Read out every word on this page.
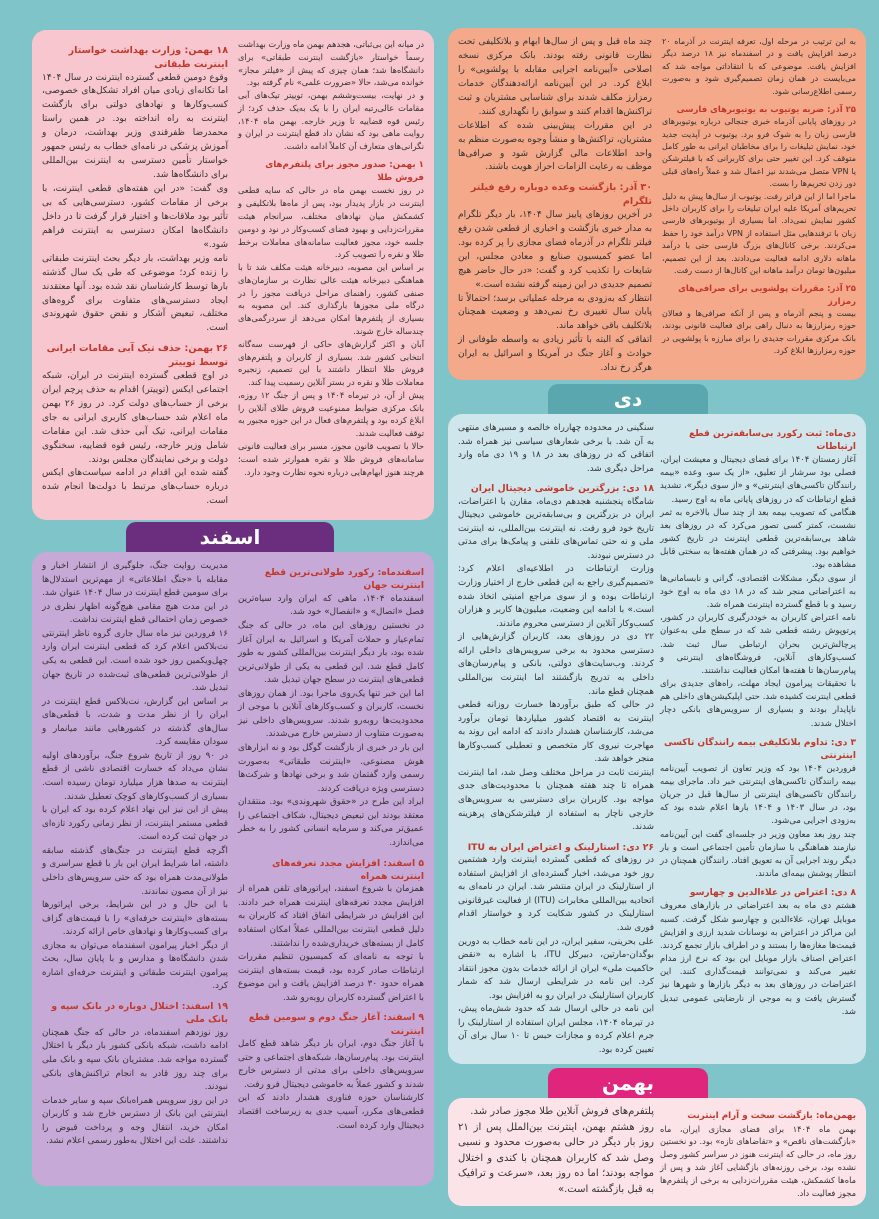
به این ترتیب در مرحله اول، تعرفه اینترنت در آذرماه ۲۰ درصد افزایش یافت و در اسفندماه نیز ۱۸ درصد دیگر افزایش یافت. موضوعی که با انتقاداتی مواجه شد که می‌بایست در همان زمان تصمیم‌گیری شود و به‌صورت رسمی اطلاع‌رسانی شود.

۲۵ آذر: ضربه یوتیوب به یوتیوبرهای فارسی

در روزهای پایانی آذرماه خبری جنجالی درباره یوتیوبرهای فارسی زبان را به شوک فرو برد. یوتیوب در آپدیت جدید خود، نمایش تبلیغات را برای مخاطبان ایرانی به طور کامل متوقف کرد. این تغییر حتی برای کاربرانی که با فیلترشکن یا VPN متصل می‌شدند نیز اعمال شد و عملاً راه‌های قبلی دور زدن تحریم‌ها را بست.

ماجرا اما از این فراتر رفت. یوتیوب از سال‌ها پیش به دلیل تحریم‌های آمریکا علیه ایران تبلیغات را برای کاربران داخل کشور نمایش نمی‌داد. اما بسیاری از یوتیوبرهای فارسی زبان با ترفندهایی مثل استفاده از VPN درآمد خود را حفظ می‌کردند. برخی کانال‌های بزرگ فارسی حتی با درآمد ماهانه دلاری ادامه فعالیت می‌دادند. بعد از این تصمیم، میلیون‌ها تومان درآمد ماهانه این کانال‌ها از دست رفت.

۲۵ آذر: مقررات پولشویی برای صرافی‌های رمزارز

بیست و پنجم آذرماه و پس از آنکه صرافی‌ها و فعالان حوزه رمزارزها به دنبال راهی برای فعالیت قانونی بودند، بانک مرکزی مقررات جدیدی را برای مبارزه با پولشویی در حوزه رمزارزها ابلاغ کرد.

چند ماه قبل و پس از سال‌ها ابهام و بلاتکلیفی تحت نظارت قانونی رفته بودند. بانک مرکزی نسخه اصلاحی «آیین‌نامه اجرایی مقابله با پولشویی» را ابلاغ کرد. در این آیین‌نامه ارائه‌دهندگان خدمات رمزارز مکلف شدند برای شناسایی مشتریان و ثبت تراکنش‌ها اقدام کنند و سوابق را نگهداری کنند.

در این مقررات پیش‌بینی شده که اطلاعات مشتریان، تراکنش‌ها و منشأ وجوه به‌صورت منظم به واحد اطلاعات مالی گزارش شود و صرافی‌ها موظف به رعایت الزامات احراز هویت باشند.

۳۰ آذر: بازگشت وعده دوباره رفع فیلتر تلگرام

در آخرین روزهای پاییز سال ۱۴۰۴، بار دیگر تلگرام به مدار خبری بازگشت و اخباری از قطعی شدن رفع فیلتر تلگرام در آذرماه فضای مجازی را پر کرده بود. اما عضو کمیسیون صنایع و معادن مجلس، این شایعات را تکذیب کرد و گفت: «در حال حاضر هیچ تصمیم جدیدی در این زمینه گرفته نشده است.»

انتظار که به‌زودی به مرحله عملیاتی برسد؛ احتمالاً تا پایان سال تغییری رخ نمی‌دهد و وضعیت همچنان بلاتکلیف باقی خواهد ماند.

اتفاقی که البته با تأثیر زیادی به واسطه طوفانی از حوادث و آغاز جنگ در آمریکا و اسرائیل به ایران هرگز رخ نداد.

در میانه این بی‌ثباتی، هجدهم بهمن ماه وزارت بهداشت رسماً خواستار «بازگشت اینترنت طبقاتی» برای دانشگاه‌ها شد؛ همان چیزی که پیش از «فیلتر مجاز» خوانده می‌شد، حالا «ضرورت علمی» نام گرفته بود.

و در نهایت، بیست‌وششم بهمن، توییتر تیک‌های آبی مقامات عالی‌رتبه ایران را با یک به‌یک حذف کرد؛ از رئیس قوه قضاییه تا وزیر خارجه. بهمن ماه ۱۴۰۴، روایت ماهی بود که نشان داد قطع اینترنت در ایران و نگرانی‌های متعارف آن کاملاً ادامه داشت.

۱ بهمن: صدور مجوز برای پلتفرم‌های فروش طلا

در روز نخست بهمن ماه در حالی که سایه قطعی اینترنت در بازار پدیدار بود، پس از ماه‌ها بلاتکلیفی و کشمکش میان نهادهای مختلف، سرانجام هیئت مقررات‌زدایی و بهبود فضای کسب‌وکار در نود و دومین جلسه خود، مجوز فعالیت سامانه‌های معاملات برخط طلا و نقره را تصویب کرد.

بر اساس این مصوبه، دبیرخانه هیئت مکلف شد تا با هماهنگی دبیرخانه هیئت عالی نظارت بر سازمان‌های صنفی کشور، راهنمای مراحل دریافت مجوز را در درگاه ملی مجوزها بارگذاری کند. این مصوبه به بسیاری از پلتفرم‌ها امکان می‌دهد از سردرگمی‌های چندساله خارج شوند.

آبان و اکثر گزارش‌های حاکی از فهرست سه‌گانه انتخابی کشور شد. بسیاری از کاربران و پلتفرم‌های فروش طلا انتظار داشتند با این تصمیم، زنجیره معاملات طلا و نقره در بستر آنلاین رسمیت پیدا کند.

پیش از آن، در تیرماه ۱۴۰۴ و پس از جنگ ۱۲ روزه، بانک مرکزی ضوابط ممنوعیت فروش طلای آنلاین را ابلاغ کرده بود و پلتفرم‌های فعال در این حوزه مجبور به توقف فعالیت شدند.

حالا با تصویب قانون مجوز، مسیر برای فعالیت قانونی سامانه‌های فروش طلا و نقره هموارتر شده است؛ هرچند هنوز ابهام‌هایی درباره نحوه نظارت وجود دارد.

۱۸ بهمن: وزارت بهداشت خواستار اینترنت طبقاتی

وقوع دومین قطعی گسترده اینترنت در سال ۱۴۰۴ اما تکانه‌ای زیادی میان افراد تشکل‌های خصوصی، کسب‌وکارها و نهادهای دولتی برای بازگشت اینترنت به راه انداخته بود. در همین راستا محمدرضا ظفرقندی وزیر بهداشت، درمان و آموزش پزشکی در نامه‌ای خطاب به رئیس جمهور خواستار تأمین دسترسی به اینترنت بین‌المللی برای دانشگاه‌ها شد.

وی گفت: «در این هفته‌های قطعی اینترنت، با برخی از مقامات کشور، دسترسی‌هایی که بی تأثیر بود ملاقات‌ها و اختیار قرار گرفت تا در داخل دانشگاه‌ها امکان دسترسی به اینترنت فراهم شود.»

نامه وزیر بهداشت، بار دیگر بحث اینترنت طبقاتی را زنده کرد؛ موضوعی که طی یک سال گذشته بارها توسط کارشناسان نقد شده بود. آنها معتقدند ایجاد دسترسی‌های متفاوت برای گروه‌های مختلف، تبعیض آشکار و نقض حقوق شهروندی است.

۲۶ بهمن: حذف تیک آبی مقامات ایرانی توسط توییتر

در اوج قطعی گسترده اینترنت در ایران، شبکه اجتماعی ایکس (توییتر) اقدام به حذف پرچم ایران برخی از حساب‌های دولت کرد. در روز ۲۶ بهمن ماه اعلام شد حساب‌های کاربری ایرانی به جای مقامات ایرانی، تیک آبی حذف شد. این مقامات شامل وزیر خارجه، رئیس قوه قضاییه، سخنگوی دولت و برخی نمایندگان مجلس بودند.

گفته شده این اقدام در ادامه سیاست‌های ایکس درباره حساب‌های مرتبط با دولت‌ها انجام شده است.

دی

دی‌ماه: ثبت رکورد بی‌سابقه‌ترین قطع ارتباطات

آغاز زمستان ۱۴۰۴ برای فضای دیجیتال و معیشت ایران، فصلی بود سرشار از تعلیق، «از یک سو، وعده «بیمه رانندگان تاکسی‌های اینترنتی» و «از سوی دیگر»، تشدید قطع ارتباطات که در روزهای پایانی ماه به اوج رسید.

هنگامی که تصویب بیمه بعد از چند سال بالاخره به ثمر نشست، کمتر کسی تصور می‌کرد که در روزهای بعد شاهد بی‌سابقه‌ترین قطعی اینترنت در تاریخ کشور خواهیم بود. پیشرفتی که در همان هفته‌ها به سختی قابل مشاهده بود.

از سوی دیگر، مشکلات اقتصادی، گرانی و نابسامانی‌ها به اعتراضاتی منجر شد که در ۱۸ دی ماه به اوج خود رسید و با قطع گسترده اینترنت همراه شد.

نامه اعتراض کاربران به خوددرگیری کاربران در کشور، پرتوپوش رشته قطعی شد که در سطح ملی به‌عنوان پرچالش‌ترین بحران ارتباطی سال ثبت شد. کسب‌وکارهای آنلاین، فروشگاه‌های اینترنتی و پیام‌رسان‌ها تا هفته‌ها امکان فعالیت نداشتند.

با تحقیقات پیرامون ایجاد مهلت، راه‌های جدیدی برای قطعی اینترنت کشیده شد. حتی اپلیکیشن‌های داخلی هم ناپایدار بودند و بسیاری از سرویس‌های بانکی دچار اختلال شدند.

۳ دی: تداوم بلاتکلیفی بیمه رانندگان تاکسی اینترنتی

فروردین ۱۴۰۴ بود که وزیر تعاون از تصویب آیین‌نامه بیمه رانندگان تاکسی‌های اینترنتی خبر داد. ماجرای بیمه رانندگان تاکسی‌های اینترنتی از سال‌ها قبل در جریان بود، در سال ۱۴۰۳ و ۱۴۰۴ بارها اعلام شده بود که به‌زودی اجرایی می‌شود.

چند روز بعد معاون وزیر در جلسه‌ای گفت این آیین‌نامه نیازمند هماهنگی با سازمان تأمین اجتماعی است و بار دیگر روند اجرایی آن به تعویق افتاد. رانندگان همچنان در انتظار پوشش بیمه‌ای ماندند.

۸ دی: اعتراض در علاءالدین و چهارسو

هشتم دی ماه به بعد اعتراضاتی در بازارهای معروف موبایل تهران، علاءالدین و چهارسو شکل گرفت. کسبه این مراکز در اعتراض به نوسانات شدید ارزی و افزایش قیمت‌ها مغازه‌ها را بستند و در اطراف بازار تجمع کردند.

اعتراض اصناف بازار موبایل این بود که نرخ ارز مدام تغییر می‌کند و نمی‌توانند قیمت‌گذاری کنند. این اعتراضات در روزهای بعد به دیگر بازارها و شهرها نیز گسترش یافت و به موجی از نارضایتی عمومی تبدیل شد.

سنگینی در محدوده چهارراه خالصه و مسیرهای منتهی به آن شد. با برخی شعارهای سیاسی نیز همراه شد. اتفاقی که در روزهای بعد در ۱۸ و ۱۹ دی ماه وارد مراحل دیگری شد.

۱۸ دی: بزرگترین خاموشی دیجیتال ایران

شامگاه پنجشنبه هجدهم دی‌ماه، مقارن با اعتراضات، ایران در بزرگترین و بی‌سابقه‌ترین خاموشی دیجیتال تاریخ خود فرو رفت. نه اینترنت بین‌المللی، نه اینترنت ملی و نه حتی تماس‌های تلفنی و پیامک‌ها برای مدتی در دسترس نبودند.

وزارت ارتباطات در اطلاعیه‌ای اعلام کرد: «تصمیم‌گیری راجع به این قطعی خارج از اختیار وزارت ارتباطات بوده و از سوی مراجع امنیتی اتخاذ شده است.» با ادامه این وضعیت، میلیون‌ها کاربر و هزاران کسب‌وکار آنلاین از دسترسی محروم ماندند.

۲۲ دی در روزهای بعد، کاربران گزارش‌هایی از دسترسی محدود به برخی سرویس‌های داخلی ارائه کردند. وب‌سایت‌های دولتی، بانکی و پیام‌رسان‌های داخلی به تدریج بازگشتند اما اینترنت بین‌المللی همچنان قطع ماند.

در حالی که طبق برآوردها خسارت روزانه قطعی اینترنت به اقتصاد کشور میلیاردها تومان برآورد می‌شد، کارشناسان هشدار دادند که ادامه این روند به مهاجرت نیروی کار متخصص و تعطیلی کسب‌وکارها منجر خواهد شد.

اینترنت ثابت در مراحل مختلف وصل شد، اما اینترنت همراه تا چند هفته همچنان با محدودیت‌های جدی مواجه بود. کاربران برای دسترسی به سرویس‌های خارجی ناچار به استفاده از فیلترشکن‌های پرهزینه شدند.

۲۶ دی: استارلینک و اعتراض ایران به ITU

در روزهای که قطعی گسترده اینترنت وارد هشتمین روز خود می‌شد، اخبار گسترده‌ای از افزایش استفاده از استارلینک در ایران منتشر شد. ایران در نامه‌ای به اتحادیه بین‌المللی مخابرات (ITU) از فعالیت غیرقانونی استارلینک در کشور شکایت کرد و خواستار اقدام فوری شد.

علی بحرینی، سفیر ایران، در این نامه خطاب به دورین بوگدان-مارتین، دبیرکل ITU، با اشاره به «نقض حاکمیت ملی» ایران از ارائه خدمات بدون مجوز انتقاد کرد. این نامه در شرایطی ارسال شد که شمار کاربران استارلینک در ایران رو به افزایش بود.

این نامه در حالی ارسال شد که حدود شش‌ماه پیش، در تیرماه ۱۴۰۴، مجلس ایران استفاده از استارلینک را جرم اعلام کرده و مجازات حبس تا ۱۰ سال برای آن تعیین کرده بود.

اسفند

اسفندماه: رکورد طولانی‌ترین قطع اینترنت جهان

اسفندماه ۱۴۰۴، ماهی که ایران وارد سیاه‌ترین فصل «اتصال» و «انفصال» خود شد.

در نخستین روزهای این ماه، در حالی که جنگ تمام‌عیار و حملات آمریکا و اسرائیل به ایران آغاز شده بود، بار دیگر اینترنت بین‌المللی کشور به طور کامل قطع شد. این قطعی به یکی از طولانی‌ترین قطعی‌های اینترنت در سطح جهان تبدیل شد.

اما این خبر تنها یک‌روی ماجرا بود. از همان روزهای نخست، کاربران و کسب‌وکارهای آنلاین با موجی از محدودیت‌ها روبه‌رو شدند. سرویس‌های داخلی نیز به‌صورت متناوب از دسترس خارج می‌شدند.

این بار در خبری از بازگشت گوگل بود و نه ابزارهای هوش مصنوعی. «اینترنت طبقاتی» به‌صورت رسمی وارد گفتمان شد و برخی نهادها و شرکت‌ها دسترسی ویژه دریافت کردند.

ایراد این طرح در «حقوق شهروندی» بود. منتقدان معتقد بودند این تبعیض دیجیتال، شکاف اجتماعی را عمیق‌تر می‌کند و سرمایه انسانی کشور را به خطر می‌اندازد.

۵ اسفند: افزایش مجدد تعرفه‌های اینترنت همراه

همزمان با شروع اسفند، اپراتورهای تلفن همراه از افزایش مجدد تعرفه‌های اینترنت همراه خبر دادند. این افزایش در شرایطی اتفاق افتاد که کاربران به دلیل قطعی اینترنت بین‌المللی عملاً امکان استفاده کامل از بسته‌های خریداری‌شده را نداشتند.

با توجه به نامه‌ای که کمیسیون تنظیم مقررات ارتباطات صادر کرده بود، قیمت بسته‌های اینترنت همراه حدود ۳۰ درصد افزایش یافت و این موضوع با اعتراض گسترده کاربران روبه‌رو شد.

۹ اسفند: آغاز جنگ دوم و سومین قطع اینترنت

با آغاز جنگ دوم، ایران بار دیگر شاهد قطع کامل اینترنت بود. پیام‌رسان‌ها، شبکه‌های اجتماعی و حتی سرویس‌های داخلی برای مدتی از دسترس خارج شدند و کشور عملاً به خاموشی دیجیتال فرو رفت.

کارشناسان حوزه فناوری هشدار دادند که این قطعی‌های مکرر، آسیب جدی به زیرساخت اقتصاد دیجیتال وارد کرده است.

مدیریت روایت جنگ، جلوگیری از انتشار اخبار و مقابله با «جنگ اطلاعاتی» از مهم‌ترین استدلال‌ها برای سومین قطع اینترنت در سال ۱۴۰۴ عنوان شد.

در این مدت هیچ مقامی هیچ‌گونه اظهار نظری در خصوص زمان احتمالی قطع اینترنت نداشت.

۱۶ فروردین نیز ماه سال جاری گروه ناظر اینترنتی نت‌بلاکس اعلام کرد که قطعی اینترنت ایران وارد چهل‌ویکمین روز خود شده است. این قطعی به یکی از طولانی‌ترین قطعی‌های ثبت‌شده در تاریخ جهان تبدیل شد.

بر اساس این گزارش، نت‌بلاکس قطع اینترنت در ایران را از نظر مدت و شدت، با قطعی‌های سال‌های گذشته در کشورهایی مانند میانمار و سودان مقایسه کرد.

در ۹۰ روز از تاریخ شروع جنگ، برآوردهای اولیه نشان می‌داد که خسارت اقتصادی ناشی از قطع اینترنت به صدها هزار میلیارد تومان رسیده است. بسیاری از کسب‌وکارهای کوچک تعطیل شدند.

پیش از این نیز این نهاد اعلام کرده بود که ایران با قطعی مستمر اینترنت، از نظر زمانی رکورد تازه‌ای در جهان ثبت کرده است.

اگرچه قطع اینترنت در جنگ‌های گذشته سابقه داشته، اما شرایط ایران این بار با قطع سراسری و طولانی‌مدت همراه بود که حتی سرویس‌های داخلی نیز از آن مصون نماندند.

با این حال و در این شرایط، برخی اپراتورها بسته‌های «اینترنت حرفه‌ای» را با قیمت‌های گزاف برای کسب‌وکارها و نهادهای خاص ارائه کردند.

از دیگر اخبار پیرامون اسفندماه می‌توان به مجازی شدن دانشگاه‌ها و مدارس و با پایان سال، بحث پیرامون اینترنت طبقاتی و اینترنت حرفه‌ای اشاره کرد.

۱۹ اسفند: اختلال دوباره در بانک سپه و بانک ملی

روز نوزدهم اسفندماه، در حالی که جنگ همچنان ادامه داشت، شبکه بانکی کشور بار دیگر با اختلال گسترده مواجه شد. مشتریان بانک سپه و بانک ملی برای چند روز قادر به انجام تراکنش‌های بانکی نبودند.

در این روز سرویس همراه‌بانک سپه و سایر خدمات اینترنتی این بانک از دسترس خارج شد و کاربران امکان خرید، انتقال وجه و پرداخت قبوض را نداشتند. علت این اختلال به‌طور رسمی اعلام نشد.

بهمن

بهمن‌ماه: بازگشت سخت و آرام اینترنت

بهمن ماه ۱۴۰۴ برای فضای مجازی ایران، ماه «بازگشت‌های ناقص» و «تقاضاهای تازه» بود. دو نخستین روز ماه، در حالی که اینترنت هنوز در سراسر کشور وصل نشده بود، برخی روزنه‌های بازگشایی آغاز شد و پس از ماه‌ها کشمکش، هیئت مقررات‌زدایی به برخی از پلتفرم‌ها مجوز فعالیت داد.

پلتفرم‌های فروش آنلاین طلا مجوز صادر شد.

روز هشتم بهمن، اینترنت بین‌الملل پس از ۲۱ روز بار دیگر در حالی به‌صورت محدود و نسبی وصل شد که کاربران همچنان با کندی و اختلال مواجه بودند؛ اما ده روز بعد، «سرعت و ترافیک به قبل بازگشته است.»
